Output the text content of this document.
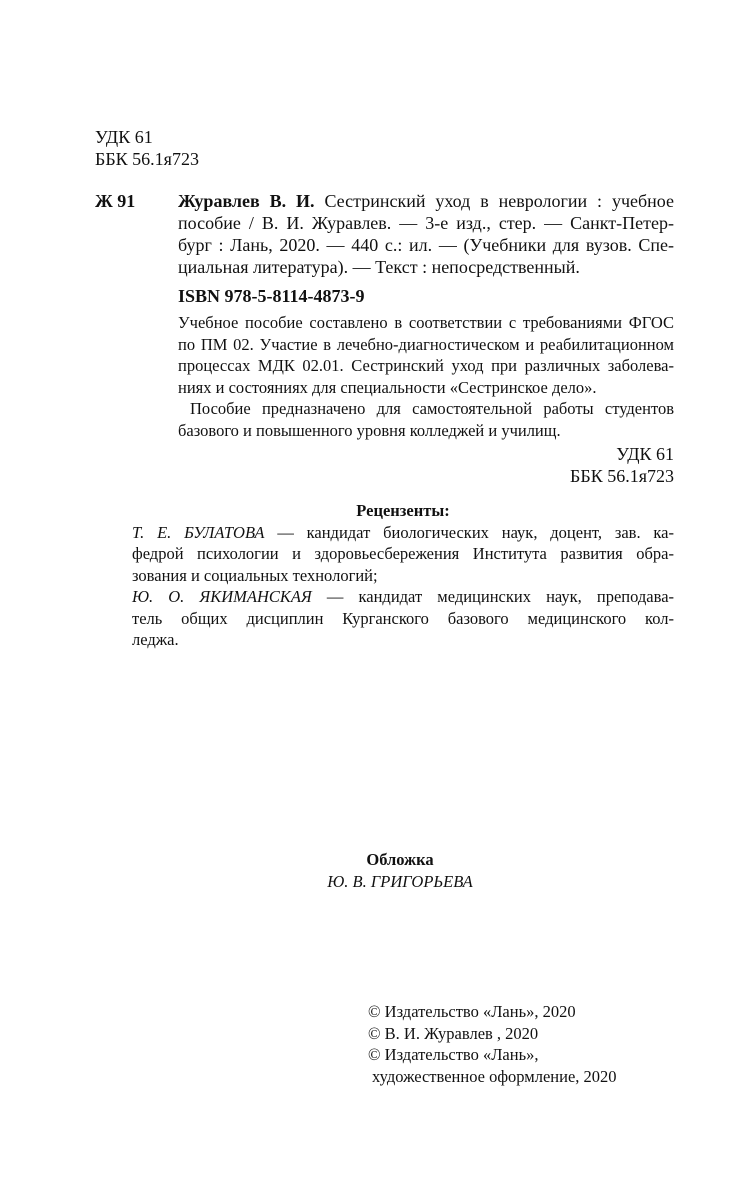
УДК 61
ББК 56.1я723
Ж 91 Журавлев В. И. Сестринский уход в неврологии : учебное
пособие / В. И. Журавлев. — 3-е изд., стер. — Санкт-Петер-
бург : Лань, 2020. — 440 с.: ил. — (Учебники для вузов. Спе-
циальная литература). — Текст : непосредственный.
ISBN 978-5-8114-4873-9
Учебное пособие составлено в соответствии с требованиями ФГОС
по ПМ 02. Участие в лечебно-диагностическом и реабилитационном
процессах МДК 02.01. Сестринский уход при различных заболева-
ниях и состояниях для специальности «Сестринское дело».
Пособие предназначено для самостоятельной работы студентов
базового и повышенного уровня колледжей и училищ.
УДК 61
ББК 56.1я723
Рецензенты:
Т. Е. БУЛАТОВА — кандидат биологических наук, доцент, зав. ка-
федрой психологии и здоровьесбережения Института развития обра-
зования и социальных технологий;
Ю. О. ЯКИМАНСКАЯ — кандидат медицинских наук, преподава-
тель общих дисциплин Курганского базового медицинского кол-
леджа.
Обложка
Ю. В. ГРИГОРЬЕВА
© Издательство «Лань», 2020
© В. И. Журавлев , 2020
© Издательство «Лань»,
художественное оформление, 2020
